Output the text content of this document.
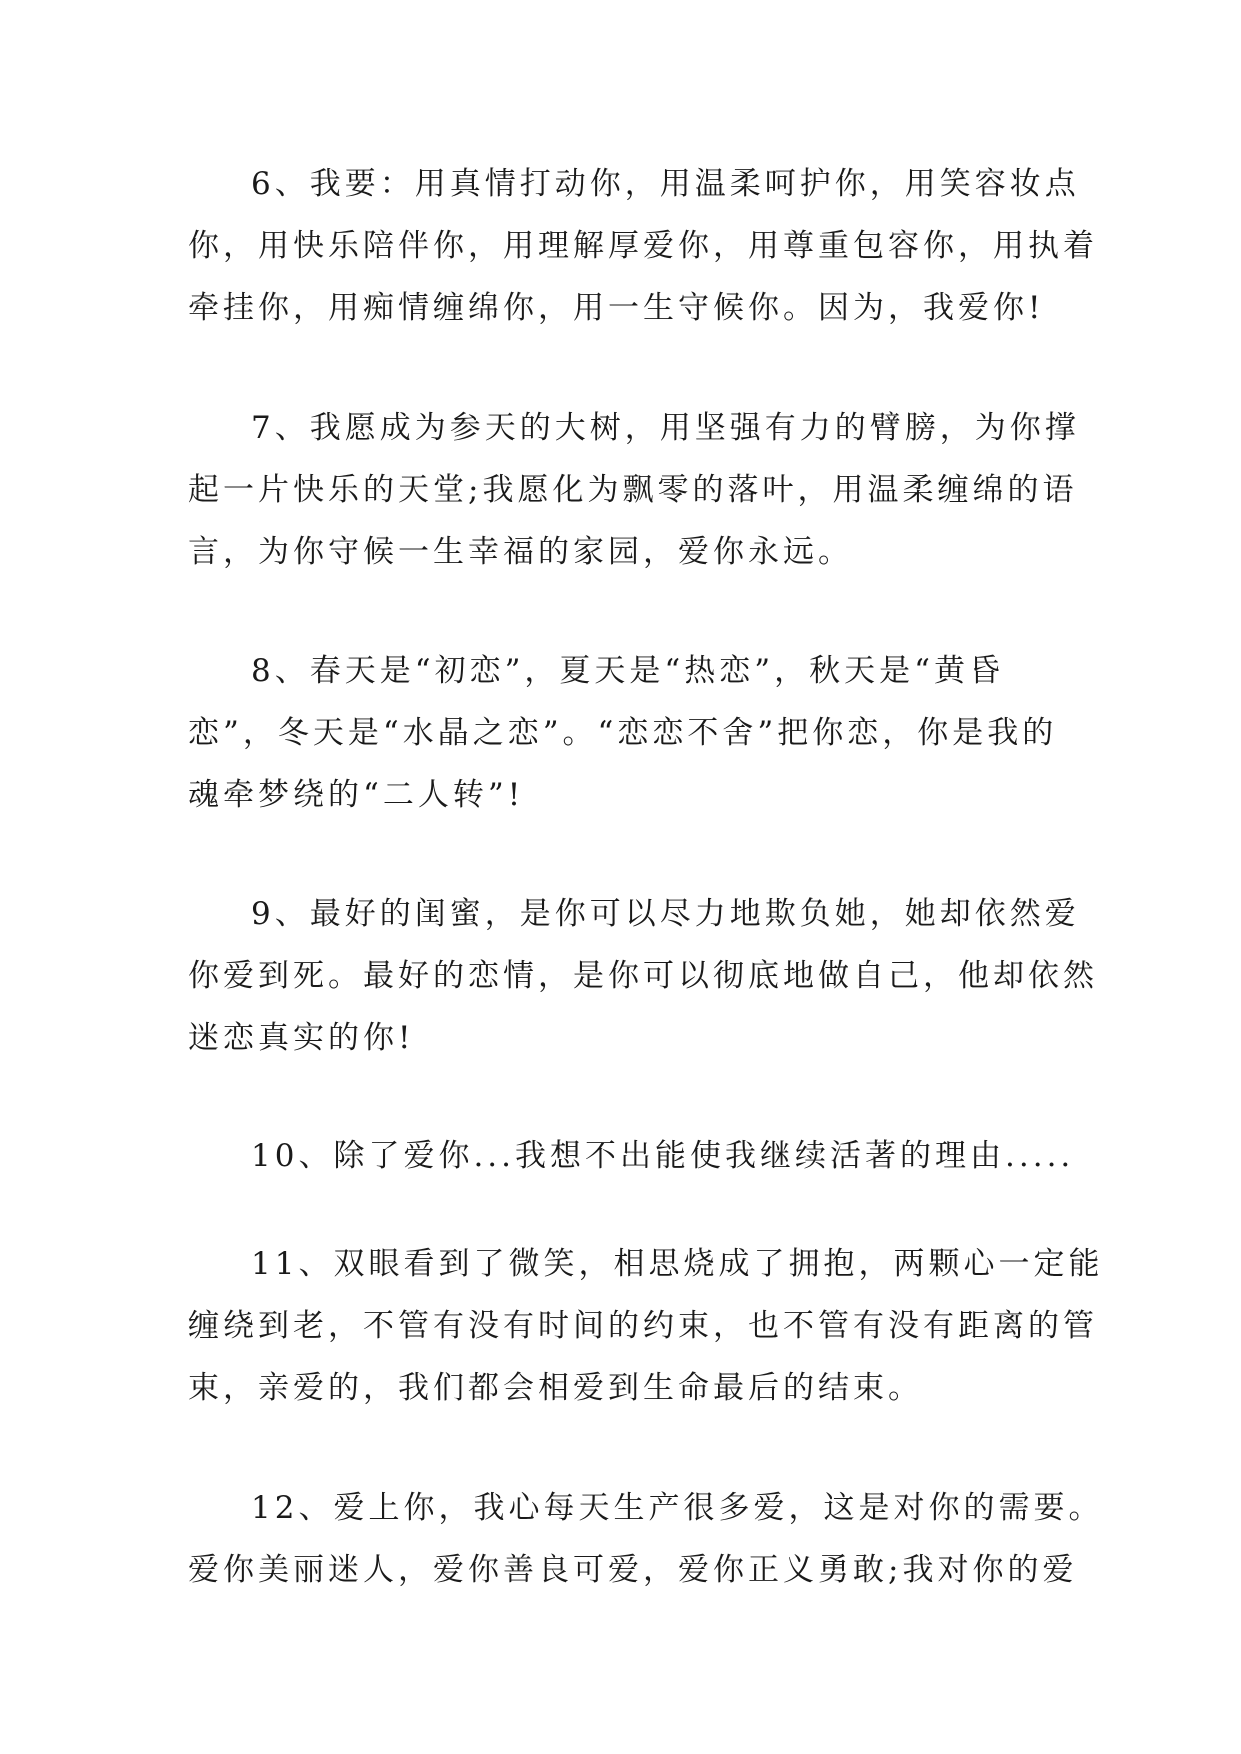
6、我要：用真情打动你，用温柔呵护你，用笑容妆点
你，用快乐陪伴你，用理解厚爱你，用尊重包容你，用执着
牵挂你，用痴情缠绵你，用一生守候你。因为，我爱你!
7、我愿成为参天的大树，用坚强有力的臂膀，为你撑
起一片快乐的天堂;我愿化为飘零的落叶，用温柔缠绵的语
言，为你守候一生幸福的家园，爱你永远。
8、春天是“初恋”，夏天是“热恋”，秋天是“黄昏
恋”，冬天是“水晶之恋”。“恋恋不舍”把你恋，你是我的
魂牵梦绕的“二人转”!
9、最好的闺蜜，是你可以尽力地欺负她，她却依然爱
你爱到死。最好的恋情，是你可以彻底地做自己，他却依然
迷恋真实的你!
10、除了爱你...我想不出能使我继续活著的理由.....
11、双眼看到了微笑，相思烧成了拥抱，两颗心一定能
缠绕到老，不管有没有时间的约束，也不管有没有距离的管
束，亲爱的，我们都会相爱到生命最后的结束。
12、爱上你，我心每天生产很多爱，这是对你的需要。
爱你美丽迷人，爱你善良可爱，爱你正义勇敢;我对你的爱
